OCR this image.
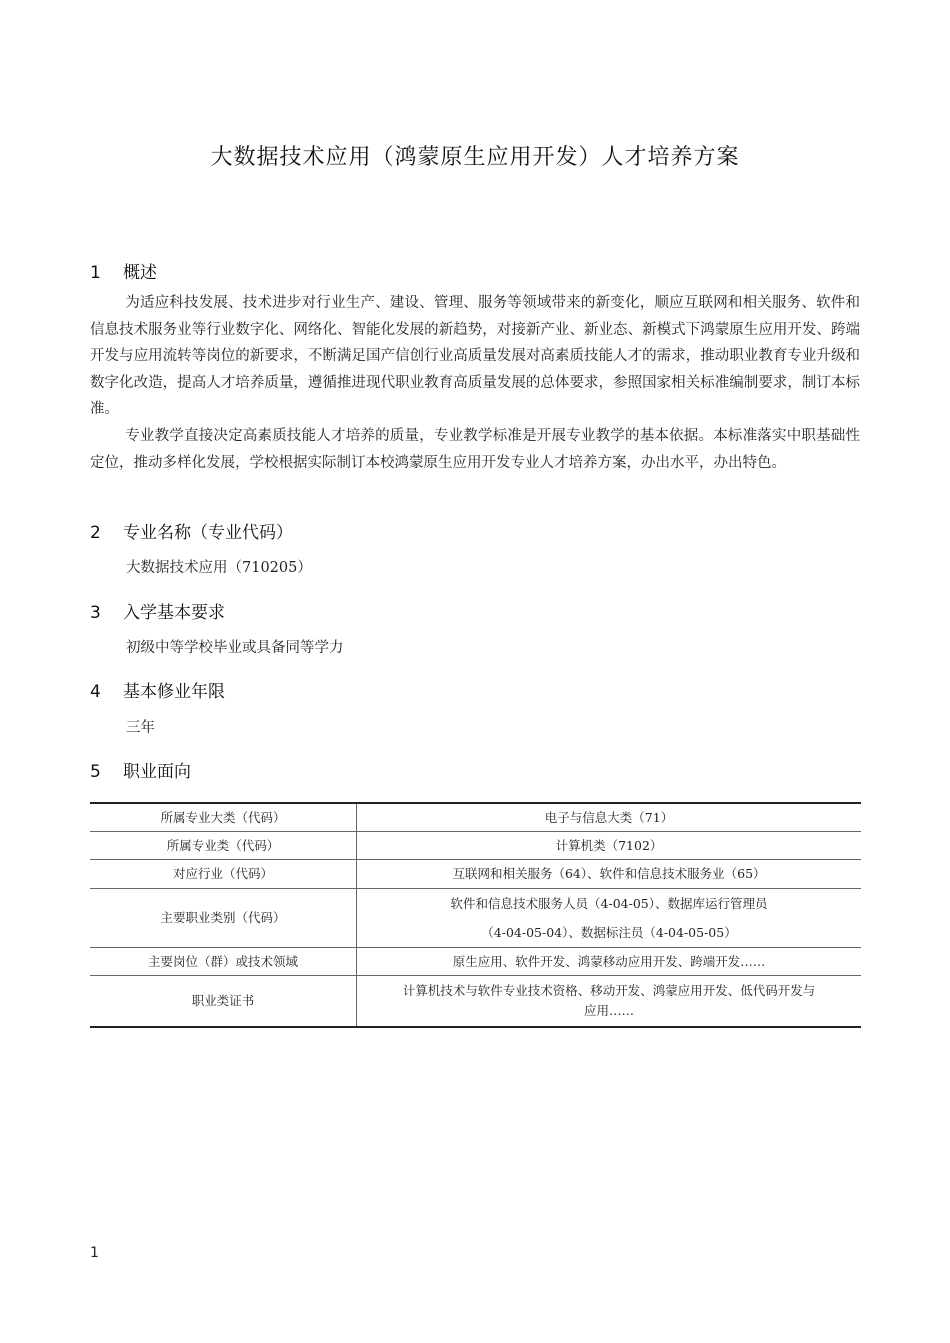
大数据技术应用（鸿蒙原生应用开发）人才培养方案
1 概述
为适应科技发展、技术进步对行业生产、建设、管理、服务等领域带来的新变化，顺应互联网和相关服务、软件和信息技术服务业等行业数字化、网络化、智能化发展的新趋势，对接新产业、新业态、新模式下鸿蒙原生应用开发、跨端开发与应用流转等岗位的新要求，不断满足国产信创行业高质量发展对高素质技能人才的需求，推动职业教育专业升级和数字化改造，提高人才培养质量，遵循推进现代职业教育高质量发展的总体要求，参照国家相关标准编制要求，制订本标准。
专业教学直接决定高素质技能人才培养的质量，专业教学标准是开展专业教学的基本依据。本标准落实中职基础性定位，推动多样化发展，学校根据实际制订本校鸿蒙原生应用开发专业人才培养方案，办出水平，办出特色。
2 专业名称（专业代码）
大数据技术应用（710205）
3 入学基本要求
初级中等学校毕业或具备同等学力
4 基本修业年限
三年
5 职业面向
所属专业大类（代码）	电子与信息大类（71）

所属专业类（代码）	计算机类（7102）

对应行业（代码）	互联网和相关服务（64）、软件和信息技术服务业（65）

主要职业类别（代码）	软件和信息技术服务人员（4-04-05）、数据库运行管理员
（4-04-05-04）、数据标注员（4-04-05-05）

主要岗位（群）或技术领域	原生应用、软件开发、鸿蒙移动应用开发、跨端开发……

职业类证书	计算机技术与软件专业技术资格、移动开发、鸿蒙应用开发、低代码开发与
应用……
1
